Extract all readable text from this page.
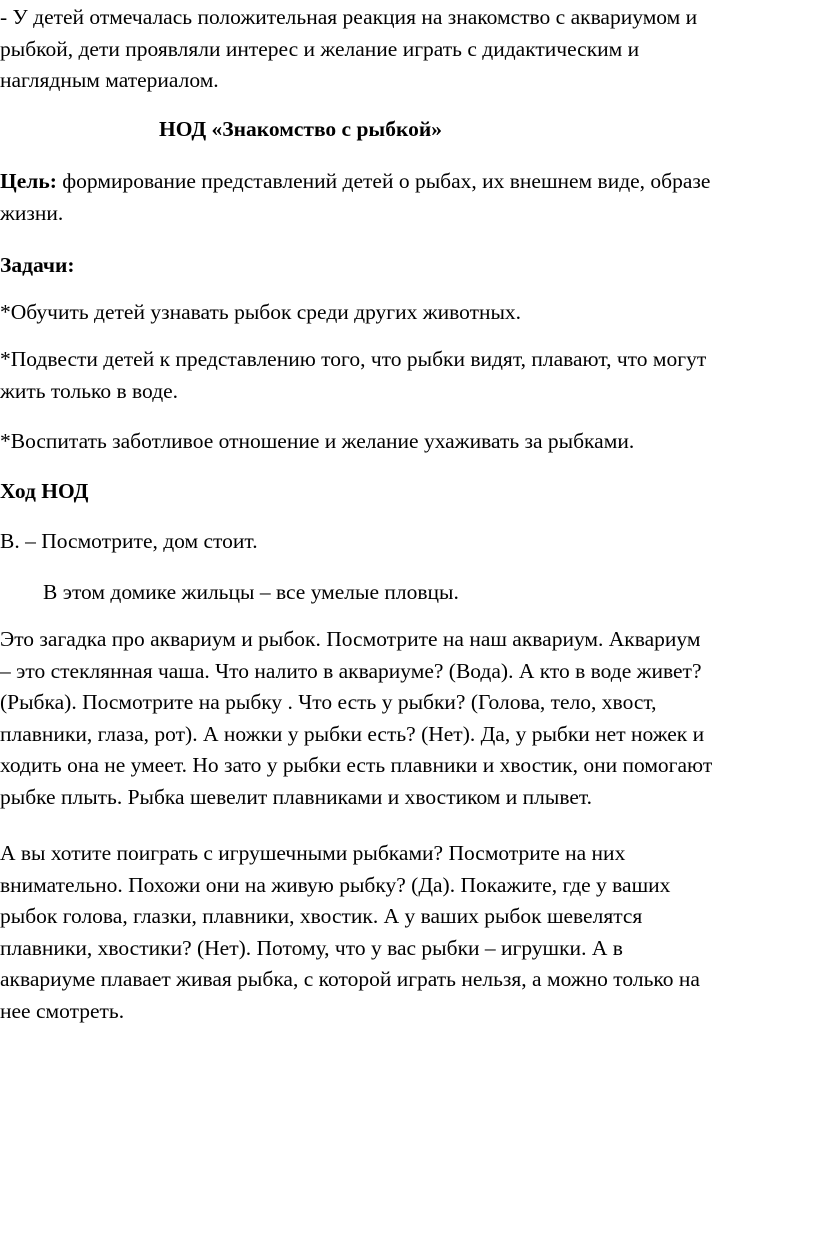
- У детей отмечалась положительная реакция на знакомство с аквариумом и
рыбкой, дети проявляли интерес и желание играть с дидактическим и
наглядным материалом.
НОД «Знакомство с рыбкой»
Цель: формирование представлений детей о рыбах, их внешнем виде, образе
жизни.
Задачи:
*Обучить детей узнавать рыбок среди других животных.
*Подвести детей к представлению того, что рыбки видят, плавают, что могут
жить только в воде.
*Воспитать заботливое отношение и желание ухаживать за рыбками.
Ход НОД
В. – Посмотрите, дом стоит.
В этом домике жильцы – все умелые пловцы.
Это загадка про аквариум и рыбок. Посмотрите на наш аквариум. Аквариум
– это стеклянная чаша. Что налито в аквариуме? (Вода). А кто в воде живет?
(Рыбка). Посмотрите на рыбку . Что есть у рыбки? (Голова, тело, хвост,
плавники, глаза, рот). А ножки у рыбки есть? (Нет). Да, у рыбки нет ножек и
ходить она не умеет. Но зато у рыбки есть плавники и хвостик, они помогают
рыбке плыть. Рыбка шевелит плавниками и хвостиком и плывет.
А вы хотите поиграть с игрушечными рыбками? Посмотрите на них
внимательно. Похожи они на живую рыбку? (Да). Покажите, где у ваших
рыбок голова, глазки, плавники, хвостик. А у ваших рыбок шевелятся
плавники, хвостики? (Нет). Потому, что у вас рыбки – игрушки. А в
аквариуме плавает живая рыбка, с которой играть нельзя, а можно только на
нее смотреть.
